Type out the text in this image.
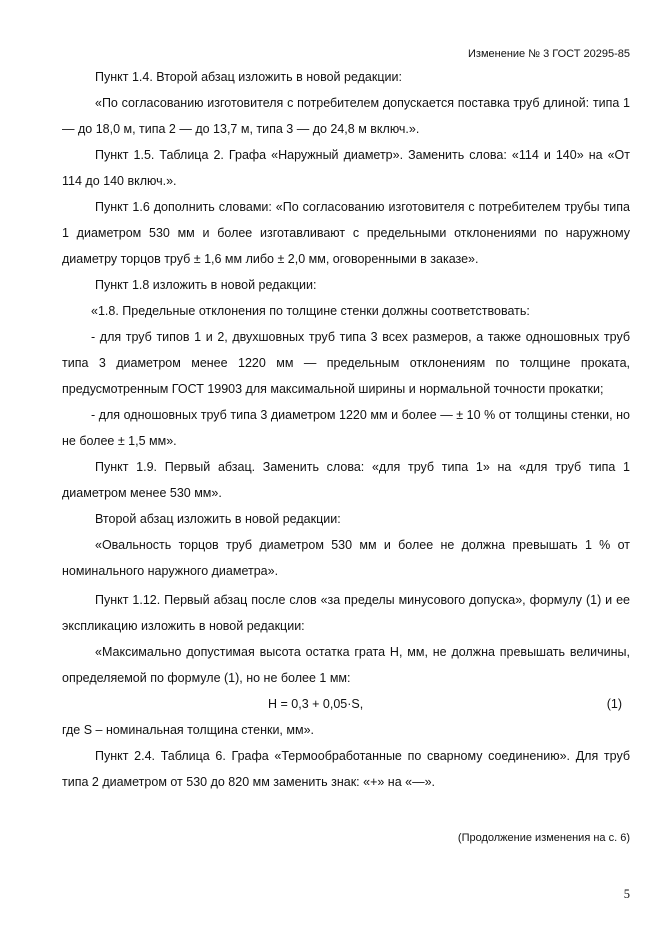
Изменение № 3 ГОСТ 20295-85

Пункт 1.4. Второй абзац изложить в новой редакции:

«По согласованию изготовителя с потребителем допускается поставка труб длиной: типа 1 — до 18,0 м, типа 2 — до 13,7 м, типа 3 — до 24,8 м включ.».

Пункт 1.5. Таблица 2. Графа «Наружный диаметр». Заменить слова: «114 и 140» на «От 114 до 140 включ.».

Пункт 1.6 дополнить словами: «По согласованию изготовителя с потребителем трубы типа 1 диаметром 530 мм и более изготавливают с предельными отклонениями по наружному диаметру торцов труб ± 1,6 мм либо ± 2,0 мм, оговоренными в заказе».

Пункт 1.8 изложить в новой редакции:

«1.8. Предельные отклонения по толщине стенки должны соответствовать:

- для труб типов 1 и 2, двухшовных труб типа 3 всех размеров, а также одношовных труб типа 3 диаметром менее 1220 мм — предельным отклонениям по толщине проката, предусмотренным ГОСТ 19903 для максимальной ширины и нормальной точности прокатки;

- для одношовных труб типа 3 диаметром 1220 мм и более — ± 10 % от толщины стенки, но не более ± 1,5 мм».

Пункт 1.9. Первый абзац. Заменить слова: «для труб типа 1» на «для труб типа 1 диаметром менее 530 мм».

Второй абзац изложить в новой редакции:

«Овальность торцов труб диаметром 530 мм и более не должна превышать 1 % от номинального наружного диаметра».

Пункт 1.12. Первый абзац после слов «за пределы минусового допуска», формулу (1) и ее экспликацию изложить в новой редакции:

«Максимально допустимая высота остатка грата H, мм, не должна превышать величины, определяемой по формуле (1), но не более 1 мм:

H = 0,3 + 0,05·S,	(1)

где S – номинальная толщина стенки, мм».

Пункт 2.4. Таблица 6. Графа «Термообработанные по сварному соединению». Для труб типа 2 диаметром от 530 до 820 мм заменить знак: «+» на «—».

(Продолжение изменения на с. 6)
5
